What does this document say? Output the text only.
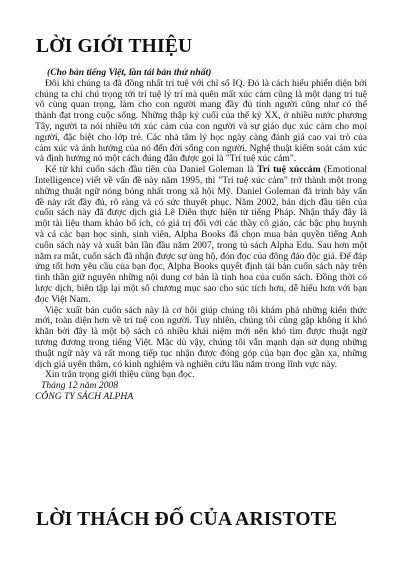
LỜI GIỚI THIỆU

(Cho bản tiếng Việt, lần tái bản thứ nhất)

Đôi khi chúng ta đã đồng nhất trí tuệ với chỉ số IQ. Đó là cách hiểu phiến diện bởi chúng ta chỉ chú trọng tới trí tuệ lý trí mà quên mất xúc cảm cũng là một dạng trí tuệ vô cùng quan trọng, làm cho con người mang đầy đủ tính người cũng như có thể thành đạt trong cuộc sống. Những thập kỷ cuối của thế kỷ XX, ở nhiều nước phương Tây, người ta nói nhiều tới xúc cảm của con người và sự giáo dục xúc cảm cho mọi người, đặc biệt cho lớp trẻ. Các nhà tâm lý học ngày càng đánh giá cao vai trò của cảm xúc và ảnh hưởng của nó đến đời sống con người. Nghệ thuật kiểm soát cảm xúc và định hướng nó một cách đúng đắn được gọi là "Trí tuệ xúc cảm".

Kể từ khi cuốn sách đầu tiên của Daniel Goleman là Trí tuệ xúccảm (Emotional Intelligence) viết về vấn đề này năm 1995, thì "Trí tuệ xúc cảm" trở thành một trong những thuật ngữ nóng bỏng nhất trong xã hội Mỹ. Daniel Goleman đã trình bày vấn đề này rất đầy đủ, rõ ràng và có sức thuyết phục. Năm 2002, bản dịch đầu tiên của cuốn sách này đã được dịch giả Lê Diên thực hiện từ tiếng Pháp. Nhận thấy đây là một tài liệu tham khảo bổ ích, có giá trị đối với các thầy cô giáo, các bậc phụ huynh và cả các bạn học sinh, sinh viên, Alpha Books đã chọn mua bản quyền tiếng Anh cuốn sách này và xuất bản lần đầu năm 2007, trong tủ sách Alpha Edu. Sau hơn một năm ra mắt, cuốn sách đã nhận được sự ủng hộ, đón đọc của đông đảo độc giả. Để đáp ứng tốt hơn yêu cầu của bạn đọc, Alpha Books quyết định tái bản cuốn sách này trên tinh thần giữ nguyên những nội dung cơ bản là tinh hoa của cuốn sách. Đồng thời có lược dịch, biên tập lại một số chương mục sao cho súc tích hơn, dễ hiểu hơn với bạn đọc Việt Nam.

Việc xuất bản cuốn sách này là cơ hội giúp chúng tôi khám phá những kiến thức mới, toàn diện hơn về trí tuệ con người. Tuy nhiên, chúng tôi cũng gặp không ít khó khăn bởi đây là một bộ sách có nhiều khái niệm mới nên khó tìm được thuật ngữ tương đương trong tiếng Việt. Mặc dù vậy, chúng tôi vẫn mạnh dạn sử dụng những thuật ngữ này và rất mong tiếp tục nhận được đóng góp của bạn đọc gần xa, những dịch giả uyên thâm, có kinh nghiệm và nghiên cứu lâu năm trong lĩnh vực này.

Xin trân trọng giới thiệu cùng bạn đọc.

Tháng 12 năm 2008

CÔNG TY SÁCH ALPHA

LỜI THÁCH ĐỐ CỦA ARISTOTE
